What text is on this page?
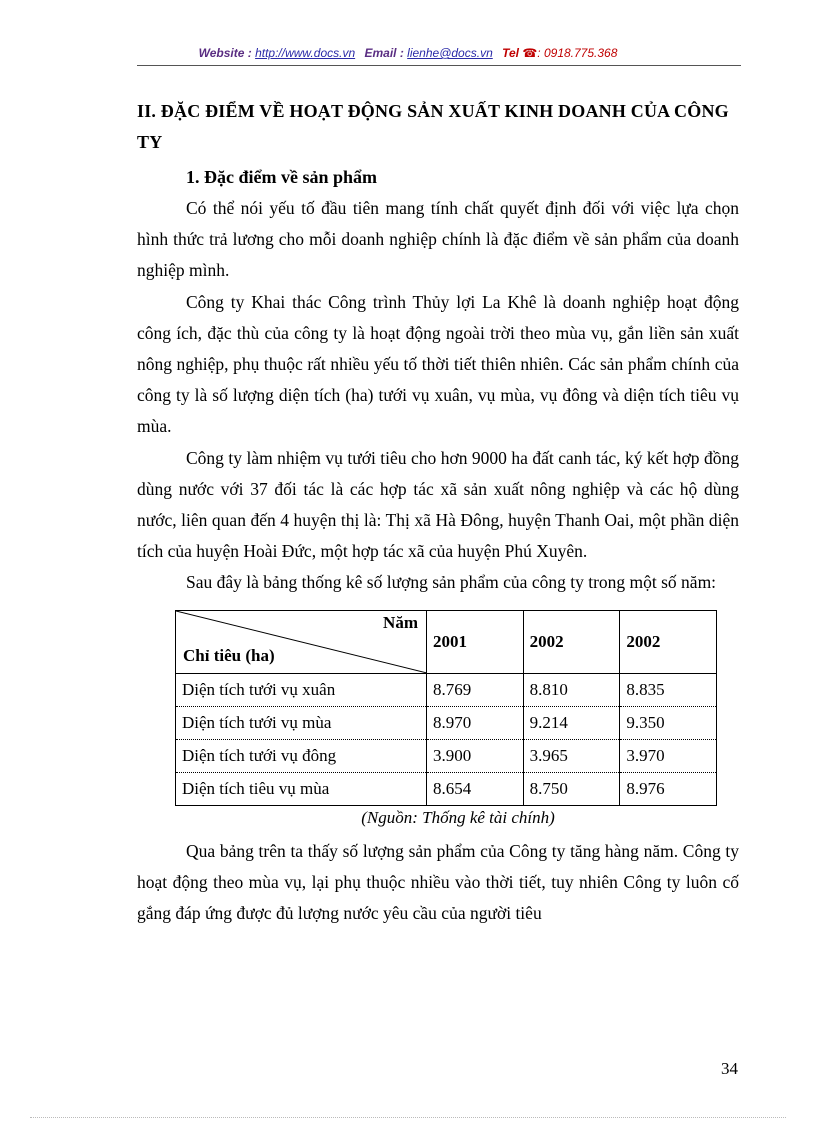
Website : http://www.docs.vn Email : lienhe@docs.vn Tel ☎: 0918.775.368

II. ĐẶC ĐIỂM VỀ HOẠT ĐỘNG SẢN XUẤT KINH DOANH CỦA CÔNG TY

1. Đặc điểm về sản phẩm

Có thể nói yếu tố đầu tiên mang tính chất quyết định đối với việc lựa chọn hình thức trả lương cho mỗi doanh nghiệp chính là đặc điểm về sản phẩm của doanh nghiệp mình.

Công ty Khai thác Công trình Thủy lợi La Khê là doanh nghiệp hoạt động công ích, đặc thù của công ty là hoạt động ngoài trời theo mùa vụ, gắn liền sản xuất nông nghiệp, phụ thuộc rất nhiều yếu tố thời tiết thiên nhiên. Các sản phẩm chính của công ty là số lượng diện tích (ha) tưới vụ xuân, vụ mùa, vụ đông và diện tích tiêu vụ mùa.

Công ty làm nhiệm vụ tưới tiêu cho hơn 9000 ha đất canh tác, ký kết hợp đồng dùng nước với 37 đối tác là các hợp tác xã sản xuất nông nghiệp và các hộ dùng nước, liên quan đến 4 huyện thị là: Thị xã Hà Đông, huyện Thanh Oai, một phần diện tích của huyện Hoài Đức, một hợp tác xã của huyện Phú Xuyên.

Sau đây là bảng thống kê số lượng sản phẩm của công ty trong một số năm:

Năm
Chỉ tiêu (ha)	2001	2002	2002
Diện tích tưới vụ xuân	8.769	8.810	8.835
Diện tích tưới vụ mùa	8.970	9.214	9.350
Diện tích tưới vụ đông	3.900	3.965	3.970
Diện tích tiêu vụ mùa	8.654	8.750	8.976
(Nguồn: Thống kê tài chính)

Qua bảng trên ta thấy số lượng sản phẩm của Công ty tăng hàng năm. Công ty hoạt động theo mùa vụ, lại phụ thuộc nhiều vào thời tiết, tuy nhiên Công ty luôn cố gắng đáp ứng được đủ lượng nước yêu cầu của người tiêu

34
